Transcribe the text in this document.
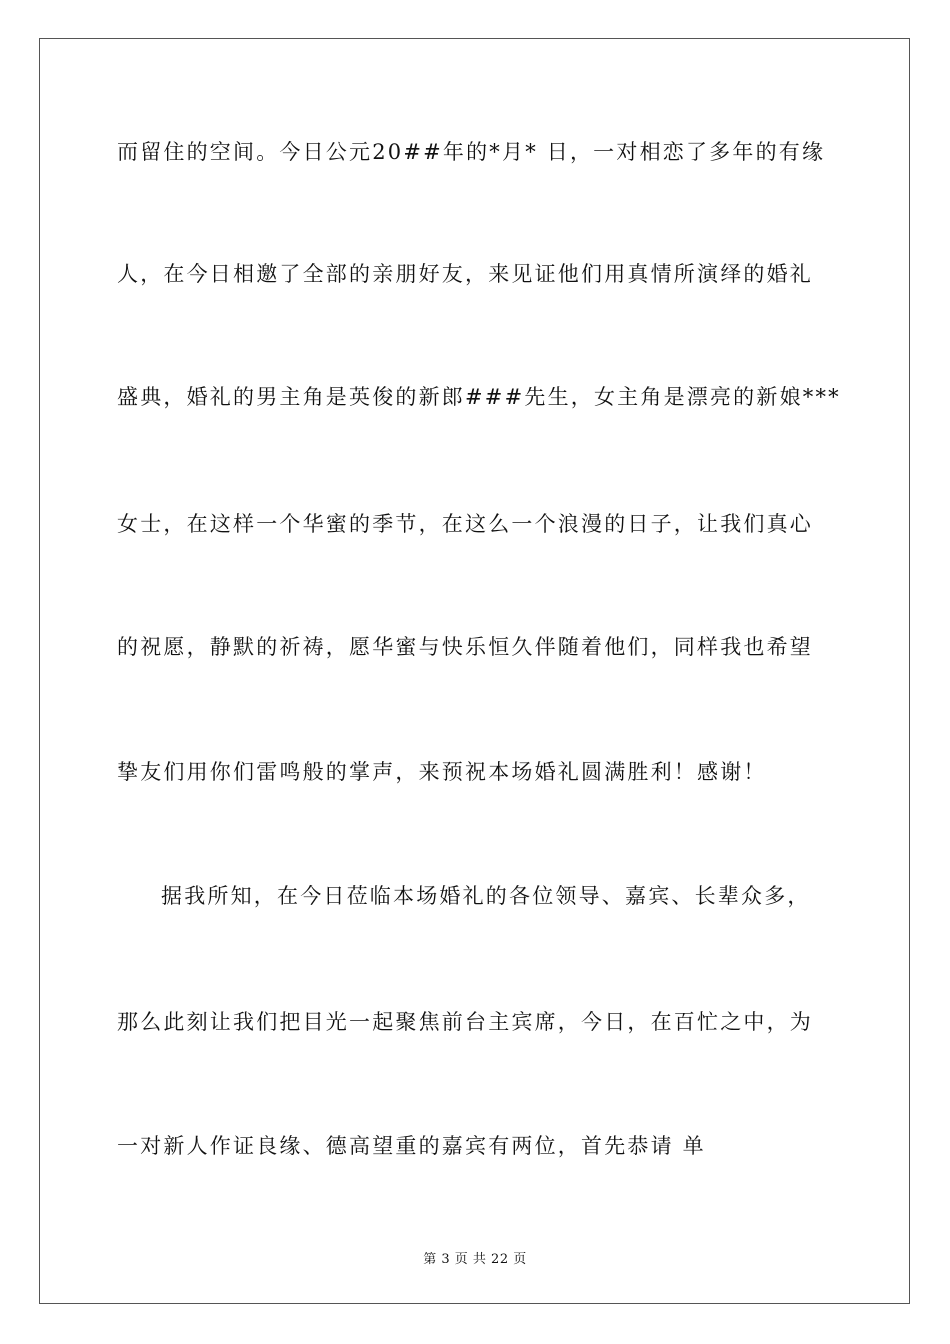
而留住的空间。今日公元20##年的*月* 日，一对相恋了多年的有缘
人，在今日相邀了全部的亲朋好友，来见证他们用真情所演绎的婚礼
盛典，婚礼的男主角是英俊的新郎###先生，女主角是漂亮的新娘***
女士，在这样一个华蜜的季节，在这么一个浪漫的日子，让我们真心
的祝愿，静默的祈祷，愿华蜜与快乐恒久伴随着他们，同样我也希望
挚友们用你们雷鸣般的掌声，来预祝本场婚礼圆满胜利！感谢！
据我所知，在今日莅临本场婚礼的各位领导、嘉宾、长辈众多，
那么此刻让我们把目光一起聚焦前台主宾席，今日，在百忙之中，为
一对新人作证良缘、德高望重的嘉宾有两位，首先恭请 单
第 3 页 共 22 页
